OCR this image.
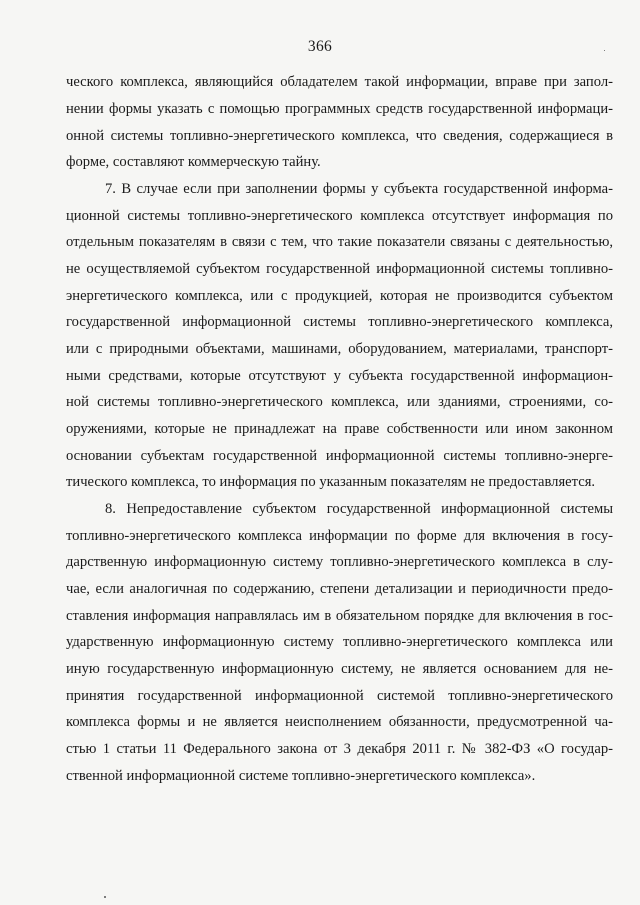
366
ческого комплекса, являющийся обладателем такой информации, вправе при запол-
нении формы указать с помощью программных средств государственной информаци-
онной системы топливно-энергетического комплекса, что сведения, содержащиеся в
форме, составляют коммерческую тайну.
7. В случае если при заполнении формы у субъекта государственной информа-
ционной системы топливно-энергетического комплекса отсутствует информация по
отдельным показателям в связи с тем, что такие показатели связаны с деятельностью,
не осуществляемой субъектом государственной информационной системы топливно-
энергетического комплекса, или с продукцией, которая не производится субъектом
государственной информационной системы топливно-энергетического комплекса,
или с природными объектами, машинами, оборудованием, материалами, транспорт-
ными средствами, которые отсутствуют у субъекта государственной информацион-
ной системы топливно-энергетического комплекса, или зданиями, строениями, со-
оружениями, которые не принадлежат на праве собственности или ином законном
основании субъектам государственной информационной системы топливно-энерге-
тического комплекса, то информация по указанным показателям не предоставляется.
8. Непредоставление субъектом государственной информационной системы
топливно-энергетического комплекса информации по форме для включения в госу-
дарственную информационную систему топливно-энергетического комплекса в слу-
чае, если аналогичная по содержанию, степени детализации и периодичности предо-
ставления информация направлялась им в обязательном порядке для включения в гос-
ударственную информационную систему топливно-энергетического комплекса или
иную государственную информационную систему, не является основанием для не-
принятия государственной информационной системой топливно-энергетического
комплекса формы и не является неисполнением обязанности, предусмотренной ча-
стью 1 статьи 11 Федерального закона от 3 декабря 2011 г. № 382-ФЗ «О государ-
ственной информационной системе топливно-энергетического комплекса».
